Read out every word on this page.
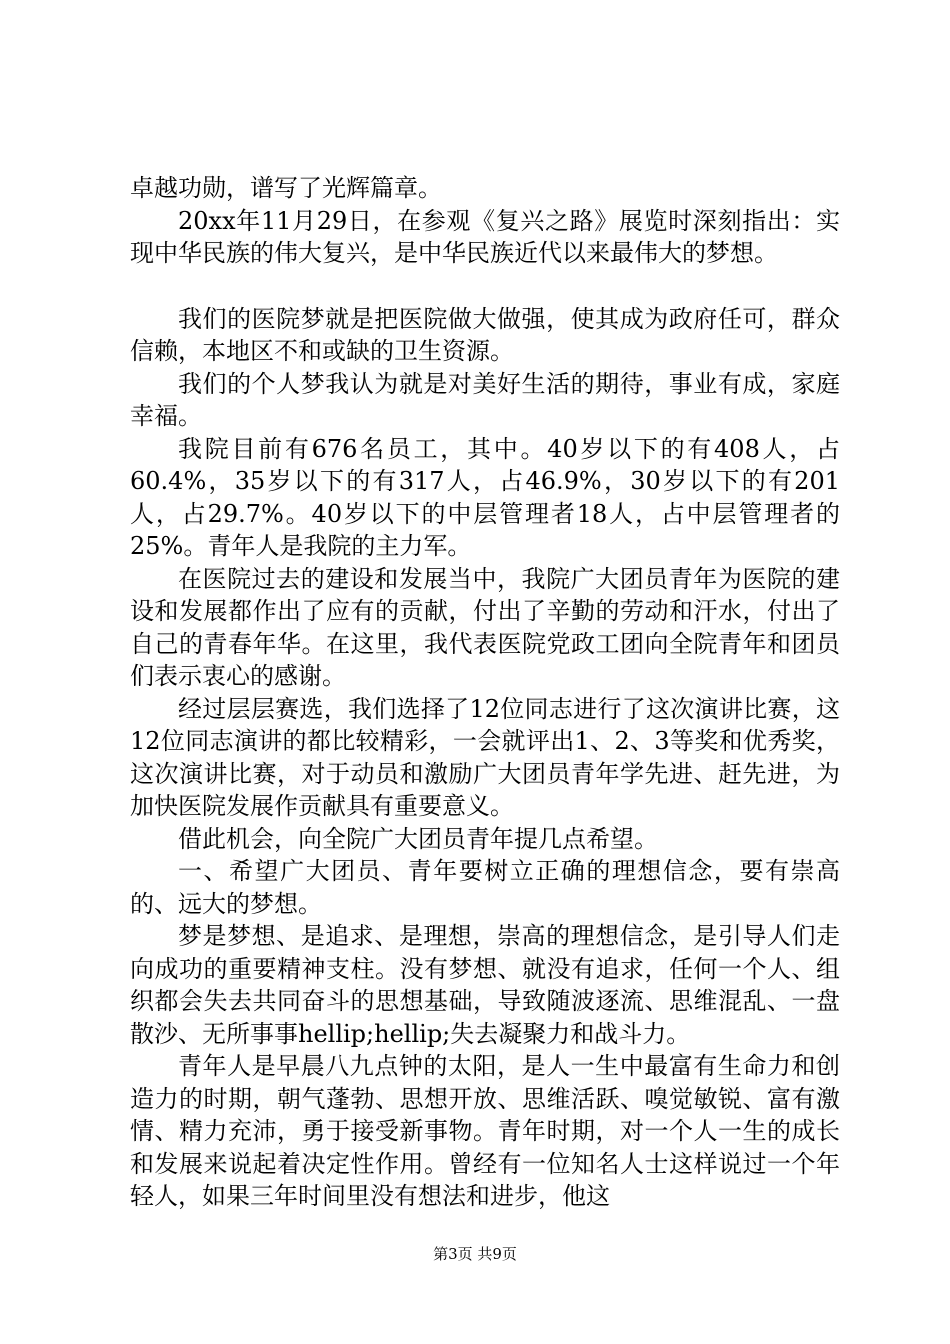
卓越功勋，谱写了光辉篇章。

20xx年11月29日，在参观《复兴之路》展览时深刻指出：实现中华民族的伟大复兴，是中华民族近代以来最伟大的梦想。

我们的医院梦就是把医院做大做强，使其成为政府任可，群众信赖，本地区不和或缺的卫生资源。

我们的个人梦我认为就是对美好生活的期待，事业有成，家庭幸福。

我院目前有676名员工，其中。40岁以下的有408人，占60.4%，35岁以下的有317人，占46.9%，30岁以下的有201人，占29.7%。40岁以下的中层管理者18人，占中层管理者的25%。青年人是我院的主力军。

在医院过去的建设和发展当中，我院广大团员青年为医院的建设和发展都作出了应有的贡献，付出了辛勤的劳动和汗水，付出了自己的青春年华。在这里，我代表医院党政工团向全院青年和团员们表示衷心的感谢。

经过层层赛选，我们选择了12位同志进行了这次演讲比赛，这12位同志演讲的都比较精彩，一会就评出1、2、3等奖和优秀奖，这次演讲比赛，对于动员和激励广大团员青年学先进、赶先进，为加快医院发展作贡献具有重要意义。

借此机会，向全院广大团员青年提几点希望。

一、希望广大团员、青年要树立正确的理想信念，要有崇高的、远大的梦想。

梦是梦想、是追求、是理想，崇高的理想信念，是引导人们走向成功的重要精神支柱。没有梦想、就没有追求，任何一个人、组织都会失去共同奋斗的思想基础，导致随波逐流、思维混乱、一盘散沙、无所事事hellip;hellip;失去凝聚力和战斗力。

青年人是早晨八九点钟的太阳，是人一生中最富有生命力和创造力的时期，朝气蓬勃、思想开放、思维活跃、嗅觉敏锐、富有激情、精力充沛，勇于接受新事物。青年时期，对一个人一生的成长和发展来说起着决定性作用。曾经有一位知名人士这样说过一个年轻人，如果三年时间里没有想法和进步，他这

第3页 共9页
